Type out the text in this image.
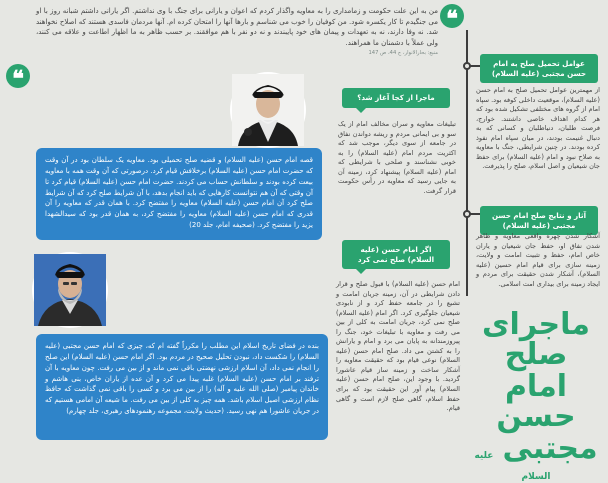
❝
من به این علت حکومت و زمامداری را به معاویه واگذار کردم که اعوان و یارانی برای جنگ با وی نداشتم. اگر یارانی داشتم شبانه روز با او می جنگیدم تا کار یکسره شود. من کوفیان را خوب می شناسم و بارها آنها را امتحان کرده ام. آنها مردمان فاسدی هستند که اصلاح نخواهند شد. نه وفا دارند، نه به تعهدات و پیمان های خود پایبندند و نه دو نفر با هم موافقند. بر حسب ظاهر به ما اظهار اطاعت و علاقه می کنند، ولی عملاً با دشمنان ما همراهند.
منبع: بحارالانوار، ج 44، ص 147
❝
قصه امام حسن (علیه السلام) و قضیه صلح تحمیلی بود. معاویه یک سلطان بود در آن وقت که حضرت امام حسن (علیه السلام) برخلافش قیام کرد. درصورتی که آن وقت همه با معاویه بیعت کرده بودند و سلطانش حساب می کردند. حضرت امام حسن (علیه السلام) قیام کرد تا آن وقتی که آن هم نتوانست کارهایی که باید انجام بدهد، با آن شرایط صلح کرد که آن شرایط صلح کرد آن امام حسن (علیه السلام) معاویه را مفتضح کرد. با همان قدر که معاویه را آن قدری که امام حسن (علیه السلام) معاویه را مفتضح کرد، به همان قدر بود که سیدالشهدا یزید را مفتضح کرد. (صحیفه امام، جلد 20)
بنده در فضای تاریخ اسلام این مطلب را مکرراً گفته ام که، چیزی که امام حسن مجتبی (علیه السلام) را شکست داد، نبودن تحلیل صحیح در مردم بود. اگر امام حسن (علیه السلام) این صلح را انجام نمی داد، آن اسلام ارزشی نهضتی باقی نمی ماند و از بین می رفت. چون معاویه با آن ترفند بر امام حسن (علیه السلام) غلبه پیدا می کرد و آن عده از یاران خاص، بنی هاشم و خاندان پیامبر (صلی الله علیه و آله) را از بین می برد و کسی را باقی نمی گذاشت که حافظ نظام ارزشی اصیل اسلام باشد. همه چیز به کلی از بین می رفت. ما شیعه آن امامی هستیم که در جریان عاشورا هم نهی رسید. (حدیث ولایت، مجموعه رهنمودهای رهبری، جلد چهارم)
ماجرا از کجا آغاز شد؟
تبلیغات معاویه و سران مخالف امام از یک سو و بی ایمانی مردم و ریشه دواندن نفاق در جامعه از سوی دیگر، موجب شد که اکثریت مردم امام (علیه السلام) را به خوبی نشناسند و صلحی با شرایطی که امام (علیه السلام) پیشنهاد کرد، زمینه آن به جایی رسید که معاویه در رأس حکومت قرار گرفت.
اگر امام حسن (علیه السلام) صلح نمی کرد
امام حسن (علیه السلام) با قبول صلح و قرار دادن شرایطی در آن، زمینه جریان امامت و تشیع را در جامعه حفظ کرد و از نابودی شیعیان جلوگیری کرد. اگر امام (علیه السلام) صلح نمی کرد، جریان امامت به کلی از بین می رفت و معاویه با تبلیغات خود، جنگ را پیروزمندانه به پایان می برد و امام و یارانش را به کشتن می داد. صلح امام حسن (علیه السلام) نوعی قیام بود که حقیقت معاویه را آشکار ساخت و زمینه ساز قیام عاشورا گردید. با وجود این، صلح امام حسن (علیه السلام) پیام آور این حقیقت بود که برای حفظ اسلام، گاهی صلح لازم است و گاهی قیام.
عوامل تحمیل صلح به امام حسن مجتبی (علیه السلام)
از مهمترین عوامل تحمیل صلح به امام حسن (علیه السلام)، موقعیت داخلی کوفه بود. سپاه امام از گروه های مختلفی تشکیل شده بود که هر کدام اهداف خاصی داشتند. خوارج، فرصت طلبان، دنیاطلبان و کسانی که به دنبال غنیمت بودند، در میان سپاه امام نفوذ کرده بودند. در چنین شرایطی، جنگ با معاویه به صلاح نبود و امام (علیه السلام) برای حفظ جان شیعیان و اصل اسلام، صلح را پذیرفت.
آثار و نتایج صلح امام حسن مجتبی (علیه السلام)
آشکار شدن چهره واقعی معاویه و ظاهر شدن نفاق او، حفظ جان شیعیان و یاران خاص امام، حفظ و تثبیت امامت و ولایت، زمینه سازی برای قیام امام حسین (علیه السلام)، آشکار شدن حقیقت برای مردم و ایجاد زمینه برای بیداری امت اسلامی.
ماجرای صلح
امام حسن
مجتبی علیه السلام
